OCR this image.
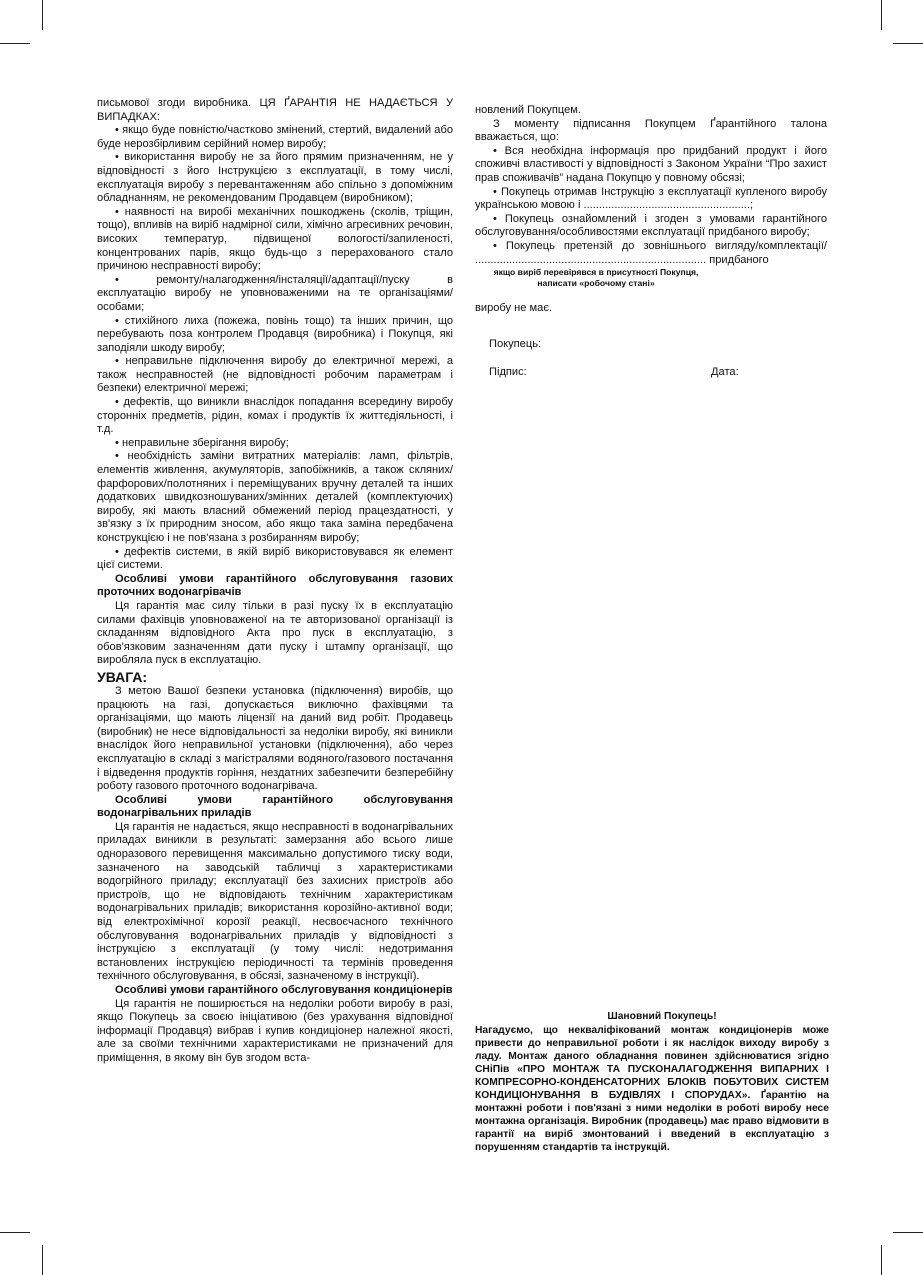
письмової згоди виробника. ЦЯ ҐАРАНТІЯ НЕ НАДАЄТЬСЯ У ВИПАДКАХ:

• якщо буде повністю/частково змінений, стертий, видалений або буде нерозбірливим серійний номер виробу;

• використання виробу не за його прямим призначенням, не у відповідності з його Інструкцією з експлуатації, в тому числі, експлуатація виробу з перевантаженням або спільно з допоміжним обладнанням, не рекомендованим Продавцем (виробником);

• наявності на виробі механічних пошкоджень (сколів, тріщин, тощо), впливів на виріб надмірної сили, хімічно агресивних речовин, високих температур, підвищеної вологості/запиленості, концентрованих парів, якщо будь-що з перерахованого стало причиною несправності виробу;

• ремонту/налагодження/інсталяції/адаптації/пуску в експлуатацію виробу не уповноваженими на те організаціями/особами;

• стихійного лиха (пожежа, повінь тощо) та інших причин, що перебувають поза контролем Продавця (виробника) і Покупця, які заподіяли шкоду виробу;

• неправильне підключення виробу до електричної мережі, а також несправностей (не відповідності робочим параметрам і безпеки) електричної мережі;

• дефектів, що виникли внаслідок попадання всередину виробу сторонніх предметів, рідин, комах і продуктів їх життєдіяльності, і т.д.

• неправильне зберігання виробу;

• необхідність заміни витратних матеріалів: ламп, фільтрів, елементів живлення, акумуляторів, запобіжників, а також скляних/фарфорових/полотняних і переміщуваних вручну деталей та інших додаткових швидкозношуваних/змінних деталей (комплектуючих) виробу, які мають власний обмежений період працездатності, у зв'язку з їх природним зносом, або якщо така заміна передбачена конструкцією і не пов'язана з розбиранням виробу;

• дефектів системи, в якій виріб використовувався як елемент цієї системи.

Особливі умови гарантійного обслуговування газових проточних водонагрівачів

Ця гарантія має силу тільки в разі пуску їх в експлуатацію силами фахівців уповноваженої на те авторизованої організації із складанням відповідного Акта про пуск в експлуатацію, з обов'язковим зазначенням дати пуску і штампу організації, що виробляла пуск в експлуатацію.

УВАГА:

З метою Вашої безпеки установка (підключення) виробів, що працюють на газі, допускається виключно фахівцями та організаціями, що мають ліцензії на даний вид робіт. Продавець (виробник) не несе відповідальності за недоліки виробу, які виникли внаслідок його неправильної установки (підключення), або через експлуатацію в складі з магістралями водяного/газового постачання і відведення продуктів горіння, нездатних забезпечити безперебійну роботу газового проточного водонагрівача.

Особливі умови гарантійного обслуговування водонагрівальних приладів

Ця гарантія не надається, якщо несправності в водонагрівальних приладах виникли в результаті: замерзання або всього лише одноразового перевищення максимально допустимого тиску води, зазначеного на заводській табличці з характеристиками водогрійного приладу; експлуатації без захисних пристроїв або пристроїв, що не відповідають технічним характеристикам водонагрівальних приладів; використання корозійно-активної води; від електрохімічної корозії реакції, несвоєчасного технічного обслуговування водонагрівальних приладів у відповідності з інструкцією з експлуатації (у тому числі: недотримання встановлених інструкцією періодичності та термінів проведення технічного обслуговування, в обсязі, зазначеному в інструкції).

Особливі умови гарантійного обслуговування кондиціонерів

Ця гарантія не поширюється на недоліки роботи виробу в разі, якщо Покупець за своєю ініціативою (без урахування відповідної інформації Продавця) вибрав і купив кондиціонер належної якості, але за своїми технічними характеристиками не призначений для приміщення, в якому він був згодом вста-

новлений Покупцем.

З моменту підписання Покупцем Ґарантійного талона вважається, що:

• Вся необхідна інформація про придбаний продукт і його споживчі властивості у відповідності з Законом України “Про захист прав споживачів” надана Покупцю у повному обсязі;

• Покупець отримав Інструкцію з експлуатації купленого виробу українською мовою і ......................................................;

• Покупець ознайомлений і згоден з умовами гарантійного обслуговування/особливостями експлуатації придбаного виробу;

• Покупець претензій до зовнішнього вигляду/комплектації/ ........................................................................... придбаного

якщо виріб перевірявся в присутності Покупця,
написати «робочому стані»

виробу не має.

Покупець:
Підпис:	Дата:

Шановний Покупець!

Нагадуємо, що некваліфікований монтаж кондиціонерів може привести до неправильної роботи і як наслідок виходу виробу з ладу. Монтаж даного обладнання повинен здійснюватися згідно СНіПів «ПРО МОНТАЖ ТА ПУСКОНАЛАГОДЖЕННЯ ВИПАРНИХ І КОМПРЕСОРНО-КОНДЕНСАТОРНИХ БЛОКІВ ПОБУТОВИХ СИСТЕМ КОНДИЦІОНУВАННЯ В БУДІВЛЯХ І СПОРУДАХ». Ґарантію на монтажні роботи і пов'язані з ними недоліки в роботі виробу несе монтажна організація. Виробник (продавець) має право відмовити в гарантії на виріб змонтований і введений в експлуатацію з порушенням стандартів та інструкцій.
